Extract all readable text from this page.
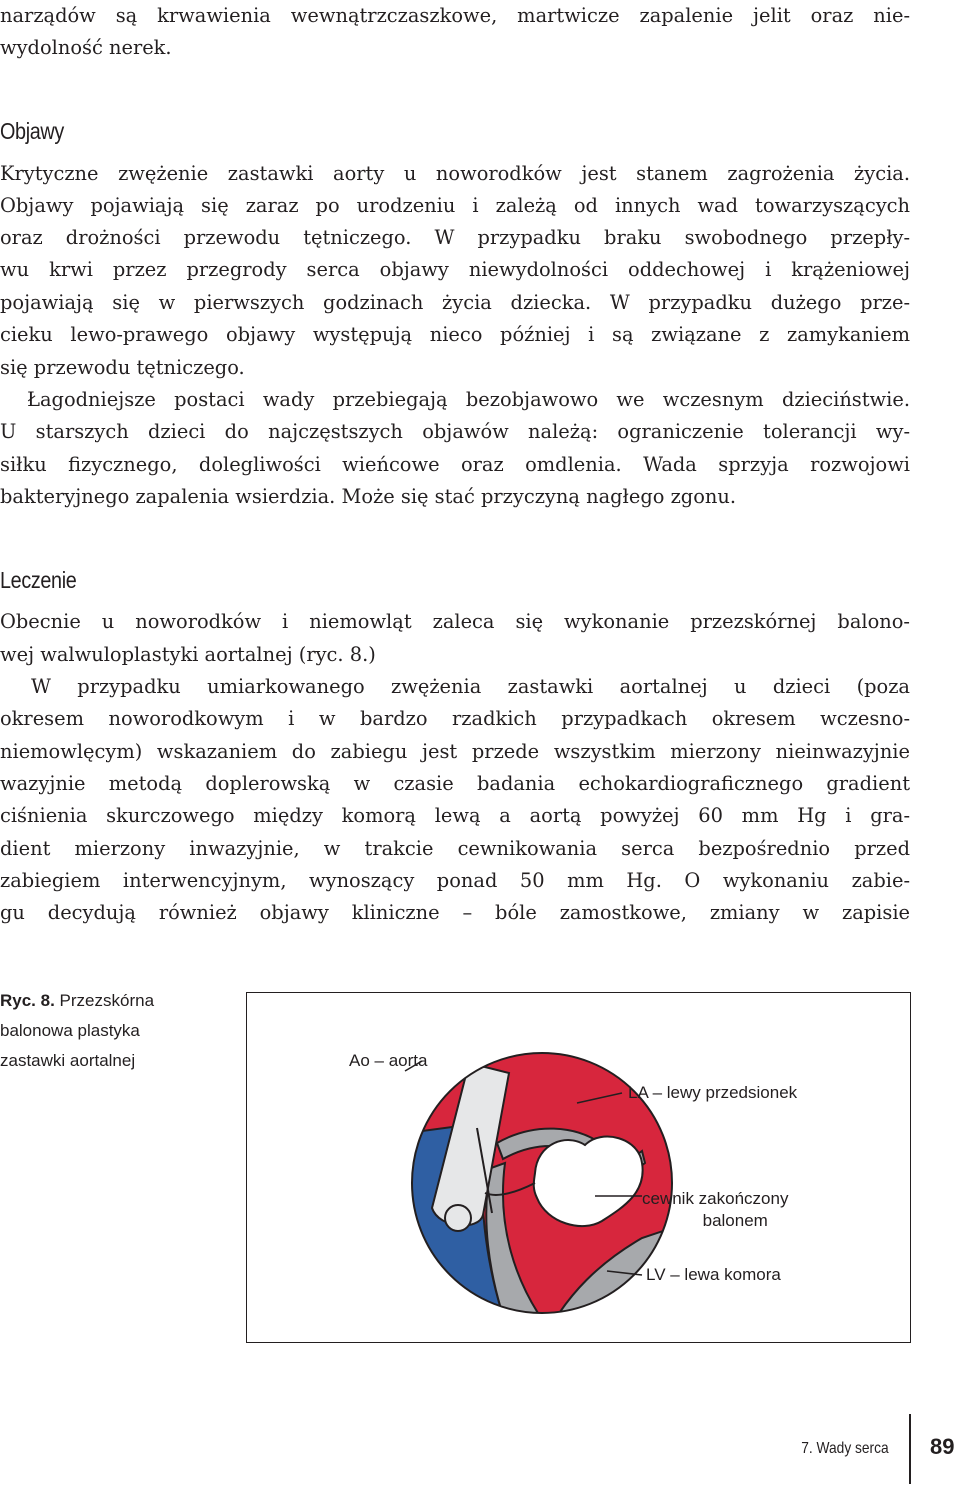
narządów są krwawienia wewnątrzczaszkowe, martwicze zapalenie jelit oraz nie-
wydolność nerek.
Objawy
Krytyczne zwężenie zastawki aorty u noworodków jest stanem zagrożenia życia.
Objawy pojawiają się zaraz po urodzeniu i zależą od innych wad towarzyszących
oraz drożności przewodu tętniczego. W przypadku braku swobodnego przepły-
wu krwi przez przegrody serca objawy niewydolności oddechowej i krążeniowej
pojawiają się w pierwszych godzinach życia dziecka. W przypadku dużego prze-
cieku lewo-prawego objawy występują nieco później i są związane z zamykaniem
się przewodu tętniczego.
Łagodniejsze postaci wady przebiegają bezobjawowo we wczesnym dzieciństwie.
U starszych dzieci do najczęstszych objawów należą: ograniczenie tolerancji wy-
siłku fizycznego, dolegliwości wieńcowe oraz omdlenia. Wada sprzyja rozwojowi
bakteryjnego zapalenia wsierdzia. Może się stać przyczyną nagłego zgonu.
Leczenie
Obecnie u noworodków i niemowląt zaleca się wykonanie przezskórnej balono-
wej walwuloplastyki aortalnej (ryc. 8.)
W przypadku umiarkowanego zwężenia zastawki aortalnej u dzieci (poza
okresem noworodkowym i w bardzo rzadkich przypadkach okresem wczesno-
niemowlęcym) wskazaniem do zabiegu jest przede wszystkim mierzony nieinwazyjnie
wazyjnie metodą doplerowską w czasie badania echokardiograficznego gradient
ciśnienia skurczowego między komorą lewą a aortą powyżej 60 mm Hg i gra-
dient mierzony inwazyjnie, w trakcie cewnikowania serca bezpośrednio przed
zabiegiem interwencyjnym, wynoszący ponad 50 mm Hg. O wykonaniu zabie-
gu decydują również objawy kliniczne – bóle zamostkowe, zmiany w zapisie
Ryc. 8. Przezskórna
balonowa plastyka
zastawki aortalnej	Ao – aorta
LA – lewy przedsionek
cewnik zakończony
balonem
LV – lewa komora
7. Wady serca 89
